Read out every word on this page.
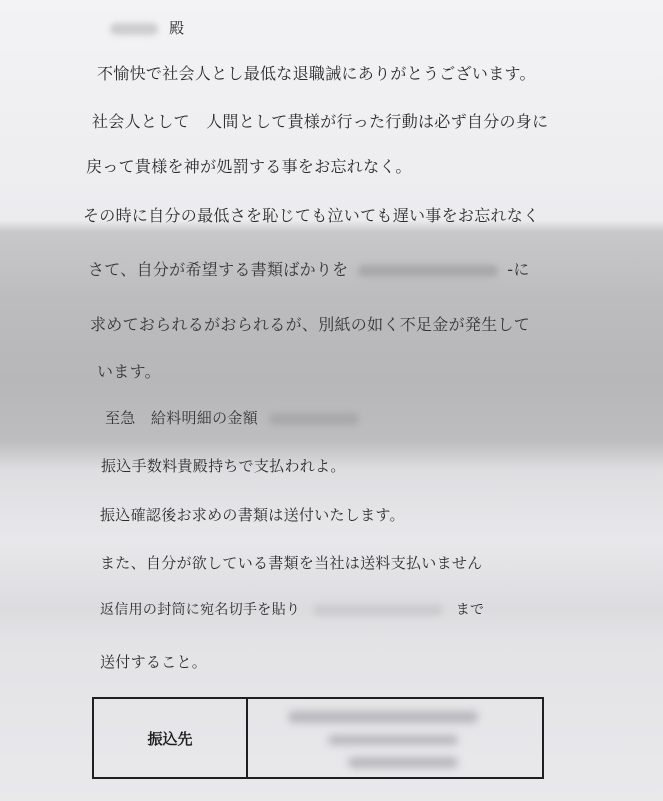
殿
不愉快で社会人とし最低な退職誡にありがとうございます。
社会人として　人間として貴様が行った行動は必ず自分の身に
戻って貴様を神が処罰する事をお忘れなく。
その時に自分の最低さを恥じても泣いても遅い事をお忘れなく
さて、自分が希望する書類ばかりを	-に
求めておられるがおられるが、別紙の如く不足金が発生して
います。
至急　給料明細の金額
振込手数料貴殿持ちで支払われよ。
振込確認後お求めの書類は送付いたします。
また、自分が欲している書類を当社は送料支払いません
返信用の封筒に宛名切手を貼り	まで
送付すること。
振込先
